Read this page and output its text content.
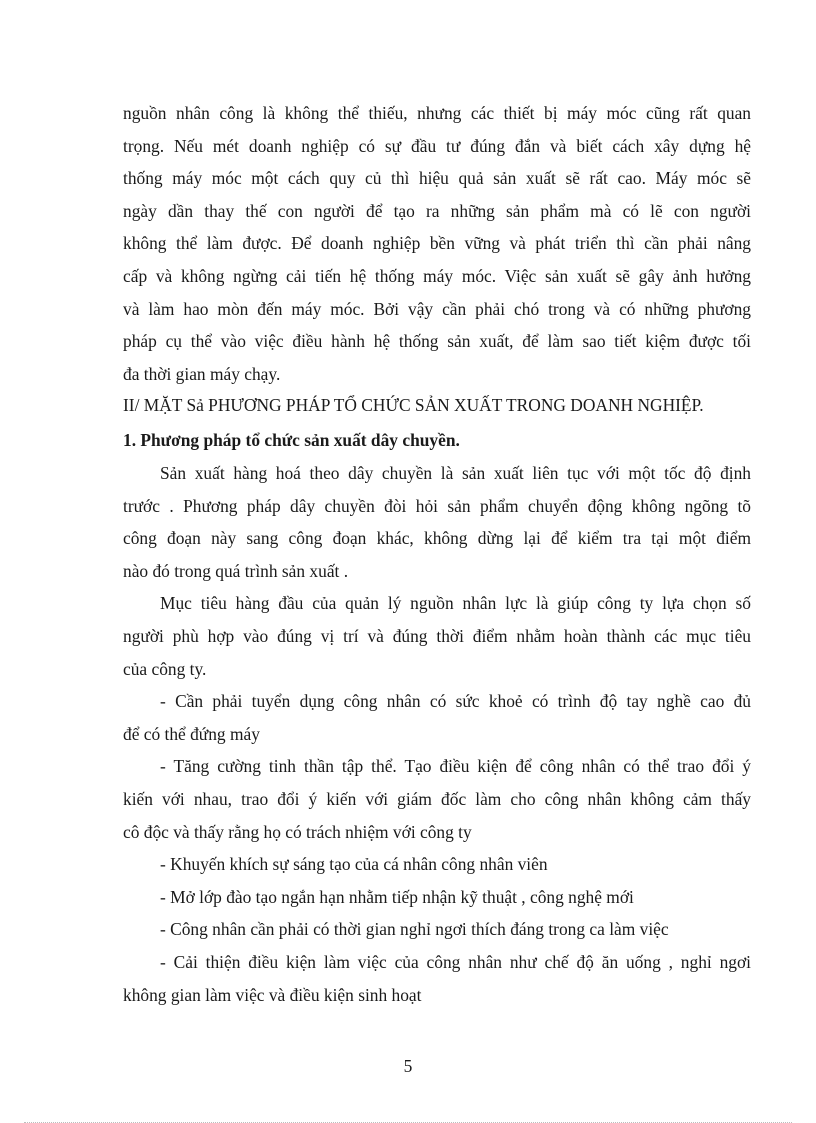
nguồn nhân công là không thể thiếu, nhưng các thiết bị máy móc cũng rất quan
trọng. Nếu mét doanh nghiệp có sự đầu tư đúng đắn và biết cách xây dựng hệ
thống máy móc một cách quy củ thì hiệu quả sản xuất sẽ rất cao. Máy móc sẽ
ngày dần thay thế con người để tạo ra những sản phẩm mà có lẽ con người
không thể làm được. Để doanh nghiệp bền vững và phát triển thì cần phải nâng
cấp và không ngừng cải tiến hệ thống máy móc. Việc sản xuất sẽ gây ảnh hưởng
và làm hao mòn đến máy móc. Bởi vậy cần phải chó trong và có những phương
pháp cụ thể vào việc điều hành hệ thống sản xuất, để làm sao tiết kiệm được tối
đa thời gian máy chạy.
II/ MẶT Sả PHƯƠNG PHÁP TỔ CHỨC SẢN XUẤT TRONG DOANH NGHIỆP.
1. Phương pháp tổ chức sản xuất dây chuyền.
Sản xuất hàng hoá theo dây chuyền là sản xuất liên tục với một tốc độ định
trước . Phương pháp dây chuyền đòi hỏi sản phẩm chuyển động không ngõng tõ
công đoạn này sang công đoạn khác, không dừng lại để kiểm tra tại một điểm
nào đó trong quá trình sản xuất .
Mục tiêu hàng đầu của quản lý nguồn nhân lực là giúp công ty lựa chọn số
người phù hợp vào đúng vị trí và đúng thời điểm nhằm hoàn thành các mục tiêu
của công ty.
- Cần phải tuyển dụng công nhân có sức khoẻ có trình độ tay nghề cao đủ
để có thể đứng máy
- Tăng cường tinh thần tập thể. Tạo điều kiện để công nhân có thể trao đổi ý
kiến với nhau, trao đổi ý kiến với giám đốc làm cho công nhân không cảm thấy
cô độc và thấy rằng họ có trách nhiệm với công ty
- Khuyến khích sự sáng tạo của cá nhân công nhân viên
- Mở lớp đào tạo ngắn hạn nhằm tiếp nhận kỹ thuật , công nghệ mới
- Công nhân cần phải có thời gian nghỉ ngơi thích đáng trong ca làm việc
- Cải thiện điều kiện làm việc của công nhân như chế độ ăn uống , nghỉ ngơi
không gian làm việc và điều kiện sinh hoạt
5
